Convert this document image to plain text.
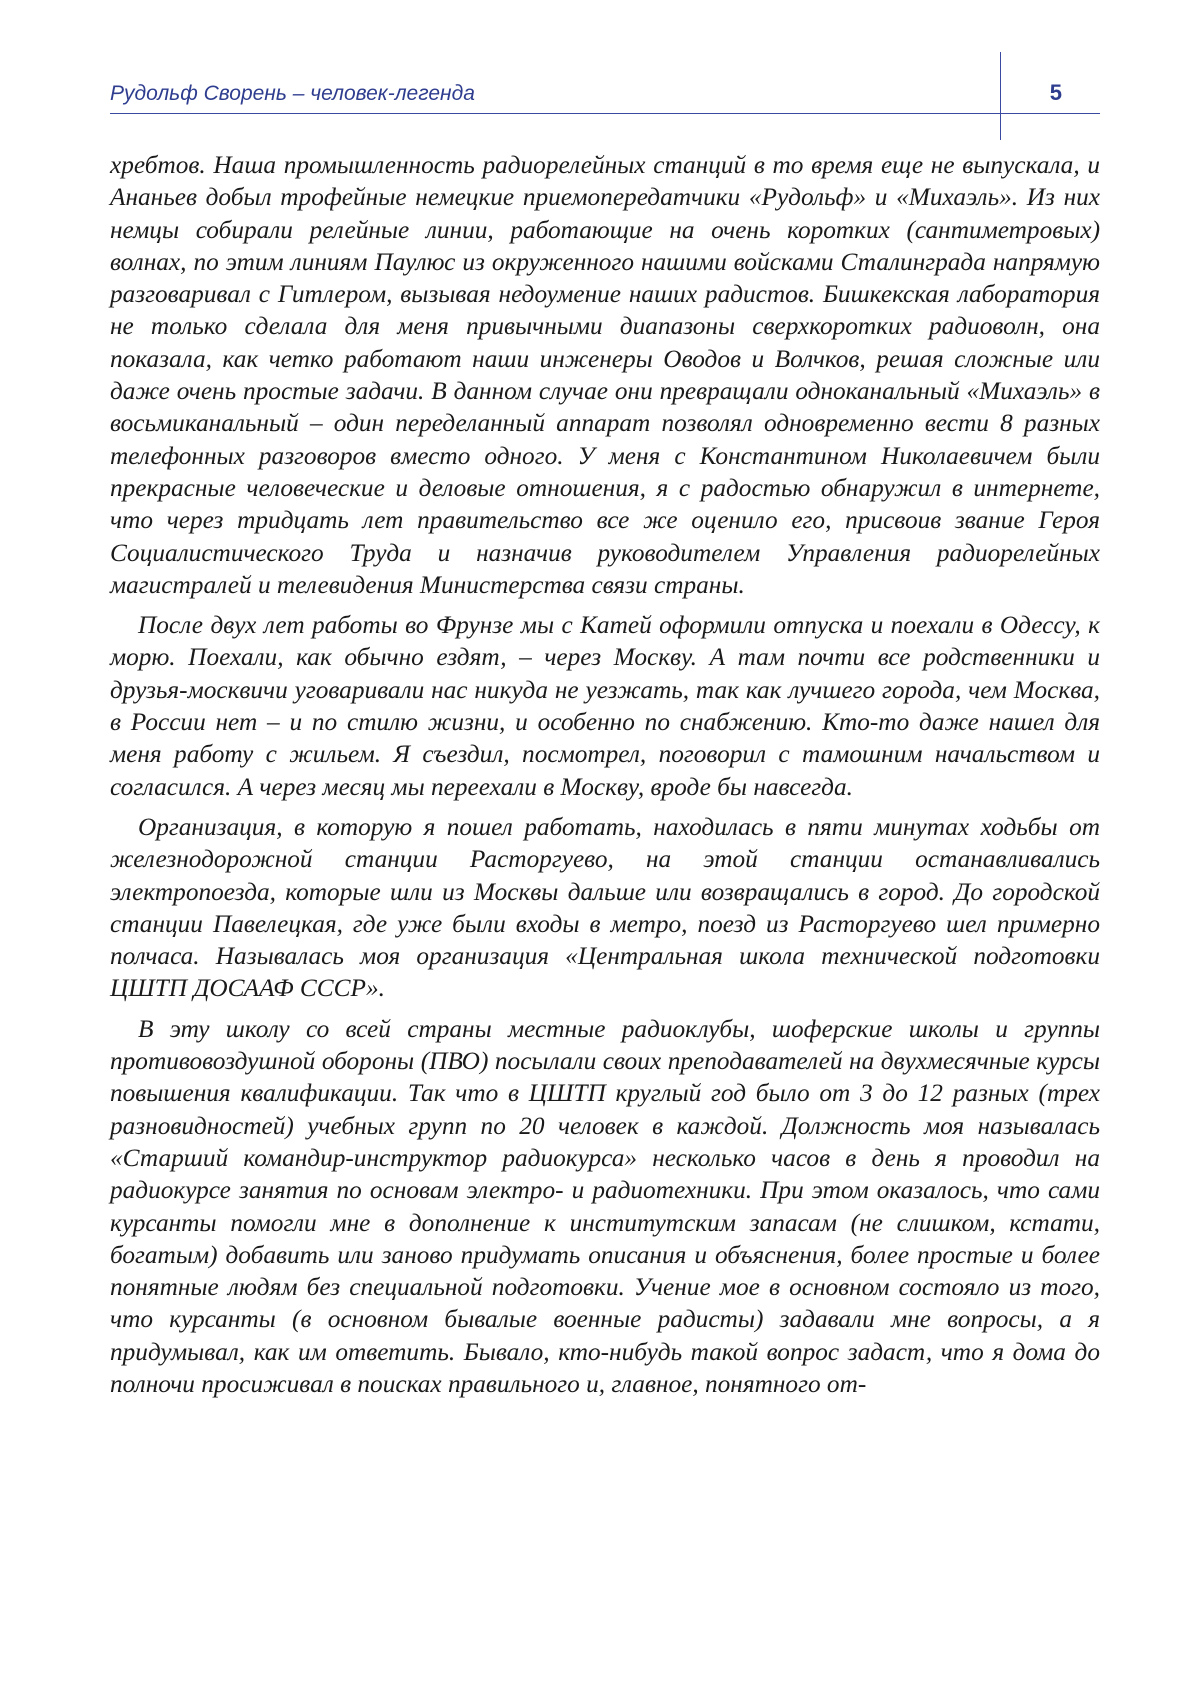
Рудольф Сворень – человек-легенда	5

хребтов. Наша промышленность радиорелейных станций в то время еще не выпускала, и Ананьев добыл трофейные немецкие приемопередатчики «Рудольф» и «Михаэль». Из них немцы собирали релейные линии, работающие на очень коротких (сантиметровых) волнах, по этим линиям Паулюс из окруженного нашими войсками Сталинграда напрямую разговаривал с Гитлером, вызывая недоумение наших радистов. Бишкекская лаборатория не только сделала для меня привычными диапазоны сверхкоротких радиоволн, она показала, как четко работают наши инженеры Оводов и Волчков, решая сложные или даже очень простые задачи. В данном случае они превращали одноканальный «Михаэль» в восьмиканальный – один переделанный аппарат позволял одновременно вести 8 разных телефонных разговоров вместо одного. У меня с Константином Николаевичем были прекрасные человеческие и деловые отношения, я с радостью обнаружил в интернете, что через тридцать лет правительство все же оценило его, присвоив звание Героя Социалистического Труда и назначив руководителем Управления радиорелейных магистралей и телевидения Министерства связи страны.

После двух лет работы во Фрунзе мы с Катей оформили отпуска и поехали в Одессу, к морю. Поехали, как обычно ездят, – через Москву. А там почти все родственники и друзья-москвичи уговаривали нас никуда не уезжать, так как лучшего города, чем Москва, в России нет – и по стилю жизни, и особенно по снабжению. Кто-то даже нашел для меня работу с жильем. Я съездил, посмотрел, поговорил с тамошним начальством и согласился. А через месяц мы переехали в Москву, вроде бы навсегда.

Организация, в которую я пошел работать, находилась в пяти минутах ходьбы от железнодорожной станции Расторгуево, на этой станции останавливались электропоезда, которые шли из Москвы дальше или возвращались в город. До городской станции Павелецкая, где уже были входы в метро, поезд из Расторгуево шел примерно полчаса. Называлась моя организация «Центральная школа технической подготовки ЦШТП ДОСААФ СССР».

В эту школу со всей страны местные радиоклубы, шоферские школы и группы противовоздушной обороны (ПВО) посылали своих преподавателей на двухмесячные курсы повышения квалификации. Так что в ЦШТП круглый год было от 3 до 12 разных (трех разновидностей) учебных групп по 20 человек в каждой. Должность моя называлась «Старший командир-инструктор радиокурса» несколько часов в день я проводил на радиокурсе занятия по основам электро- и радиотехники. При этом оказалось, что сами курсанты помогли мне в дополнение к институтским запасам (не слишком, кстати, богатым) добавить или заново придумать описания и объяснения, более простые и более понятные людям без специальной подготовки. Учение мое в основном состояло из того, что курсанты (в основном бывалые военные радисты) задавали мне вопросы, а я придумывал, как им ответить. Бывало, кто-нибудь такой вопрос задаст, что я дома до полночи просиживал в поисках правильного и, главное, понятного от-
